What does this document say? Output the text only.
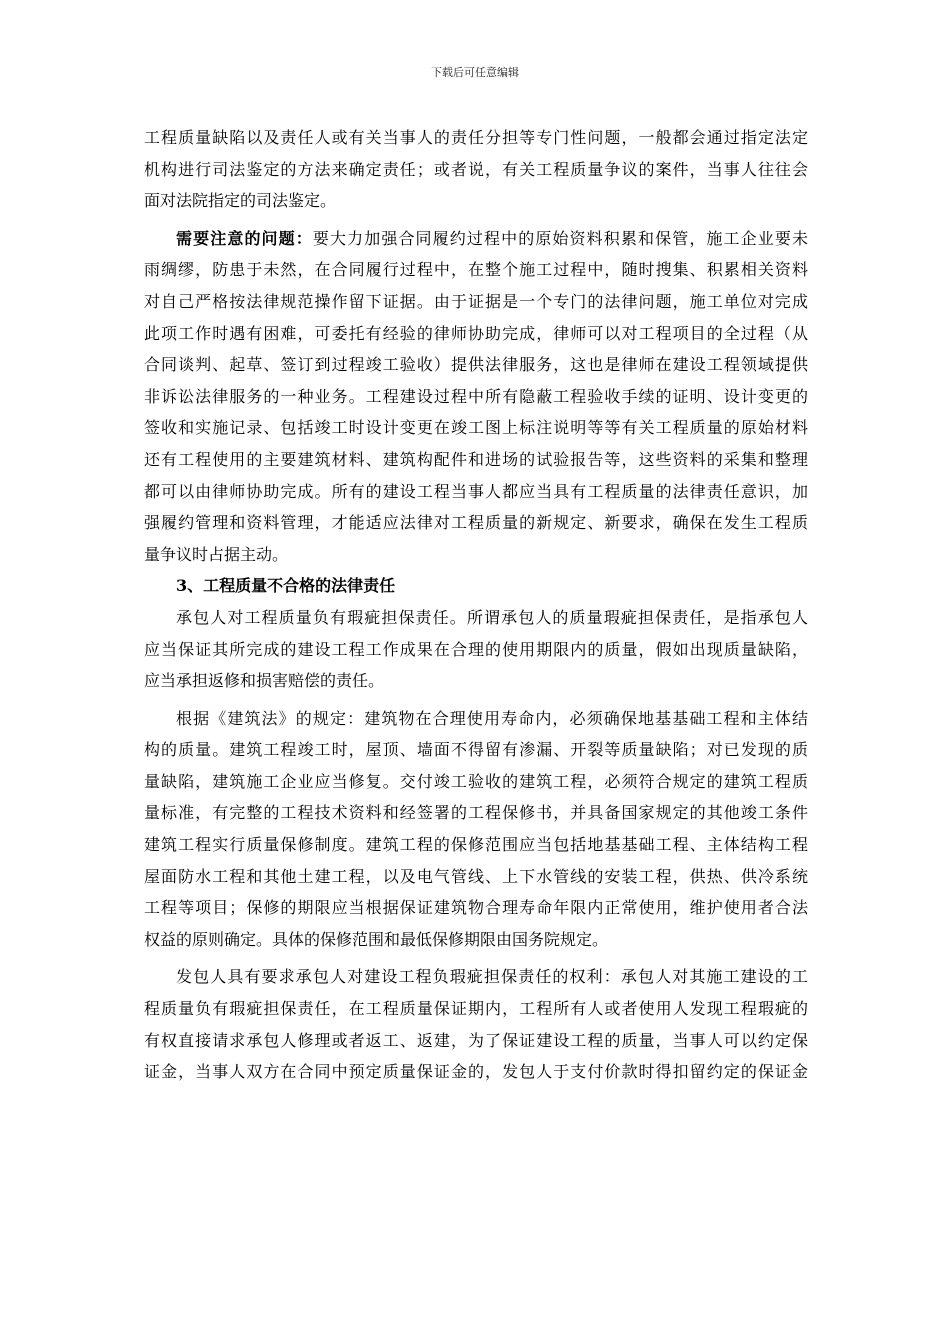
下载后可任意编辑
工程质量缺陷以及责任人或有关当事人的责任分担等专门性问题，一般都会通过指定法定
机构进行司法鉴定的方法来确定责任；或者说，有关工程质量争议的案件，当事人往往会
面对法院指定的司法鉴定。
需要注意的问题：要大力加强合同履约过程中的原始资料积累和保管，施工企业要未
雨绸缪，防患于未然，在合同履行过程中，在整个施工过程中，随时搜集、积累相关资料
对自己严格按法律规范操作留下证据。由于证据是一个专门的法律问题，施工单位对完成
此项工作时遇有困难，可委托有经验的律师协助完成，律师可以对工程项目的全过程（从
合同谈判、起草、签订到过程竣工验收）提供法律服务，这也是律师在建设工程领域提供
非诉讼法律服务的一种业务。工程建设过程中所有隐蔽工程验收手续的证明、设计变更的
签收和实施记录、包括竣工时设计变更在竣工图上标注说明等等有关工程质量的原始材料
还有工程使用的主要建筑材料、建筑构配件和进场的试验报告等，这些资料的采集和整理
都可以由律师协助完成。所有的建设工程当事人都应当具有工程质量的法律责任意识，加
强履约管理和资料管理，才能适应法律对工程质量的新规定、新要求，确保在发生工程质
量争议时占据主动。
3、工程质量不合格的法律责任
承包人对工程质量负有瑕疵担保责任。所谓承包人的质量瑕疵担保责任，是指承包人
应当保证其所完成的建设工程工作成果在合理的使用期限内的质量，假如出现质量缺陷，
应当承担返修和损害赔偿的责任。
根据《建筑法》的规定：建筑物在合理使用寿命内，必须确保地基基础工程和主体结
构的质量。建筑工程竣工时，屋顶、墙面不得留有渗漏、开裂等质量缺陷；对已发现的质
量缺陷，建筑施工企业应当修复。交付竣工验收的建筑工程，必须符合规定的建筑工程质
量标准，有完整的工程技术资料和经签署的工程保修书，并具备国家规定的其他竣工条件
建筑工程实行质量保修制度。建筑工程的保修范围应当包括地基基础工程、主体结构工程
屋面防水工程和其他土建工程，以及电气管线、上下水管线的安装工程，供热、供冷系统
工程等项目；保修的期限应当根据保证建筑物合理寿命年限内正常使用，维护使用者合法
权益的原则确定。具体的保修范围和最低保修期限由国务院规定。
发包人具有要求承包人对建设工程负瑕疵担保责任的权利：承包人对其施工建设的工
程质量负有瑕疵担保责任，在工程质量保证期内，工程所有人或者使用人发现工程瑕疵的
有权直接请求承包人修理或者返工、返建，为了保证建设工程的质量，当事人可以约定保
证金，当事人双方在合同中预定质量保证金的，发包人于支付价款时得扣留约定的保证金
